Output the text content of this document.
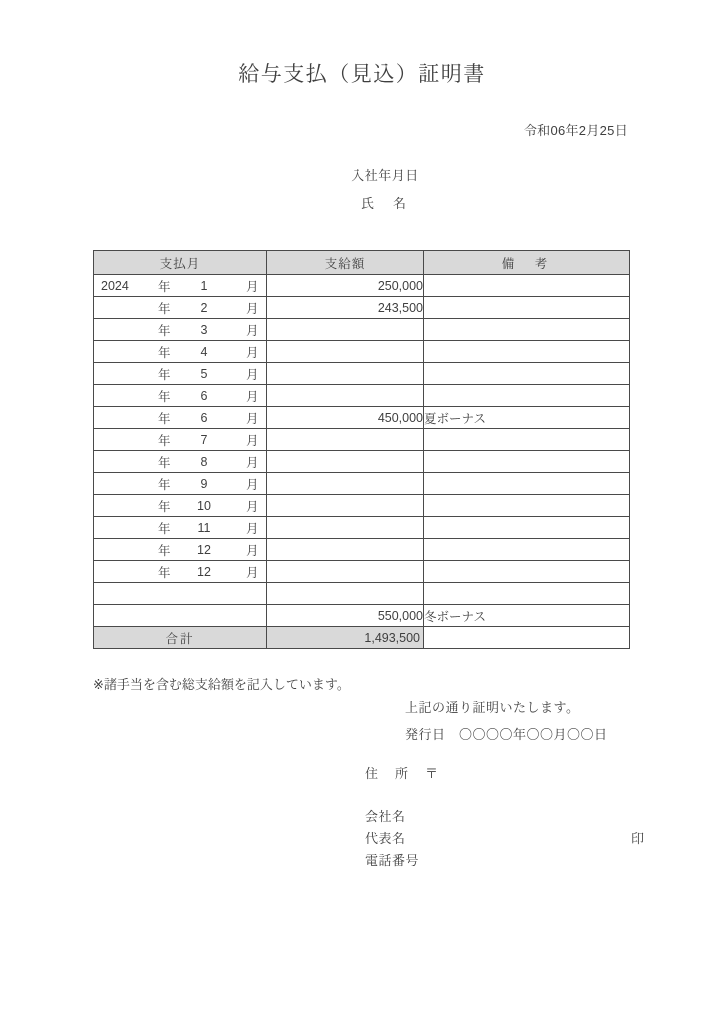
給与支払（見込）証明書
令和06年2月25日
入社年月日
氏　名
支払月	支給額	備　考

2024 年 1 月	250,000	

年 2 月	243,500	

年 3 月		

年 4 月		

年 5 月		

年 6 月		

年 6 月	450,000	夏ボーナス

年 7 月		

年 8 月		

年 9 月		

年 10 月		

年 11 月		

年 12 月		

年 12 月		

	550,000	冬ボーナス
合計	1,493,500	
※諸手当を含む総支給額を記入しています。
上記の通り証明いたします。
発行日　〇〇〇〇年〇〇月〇〇日
住　所　〒
会社名
代表名	印
電話番号
